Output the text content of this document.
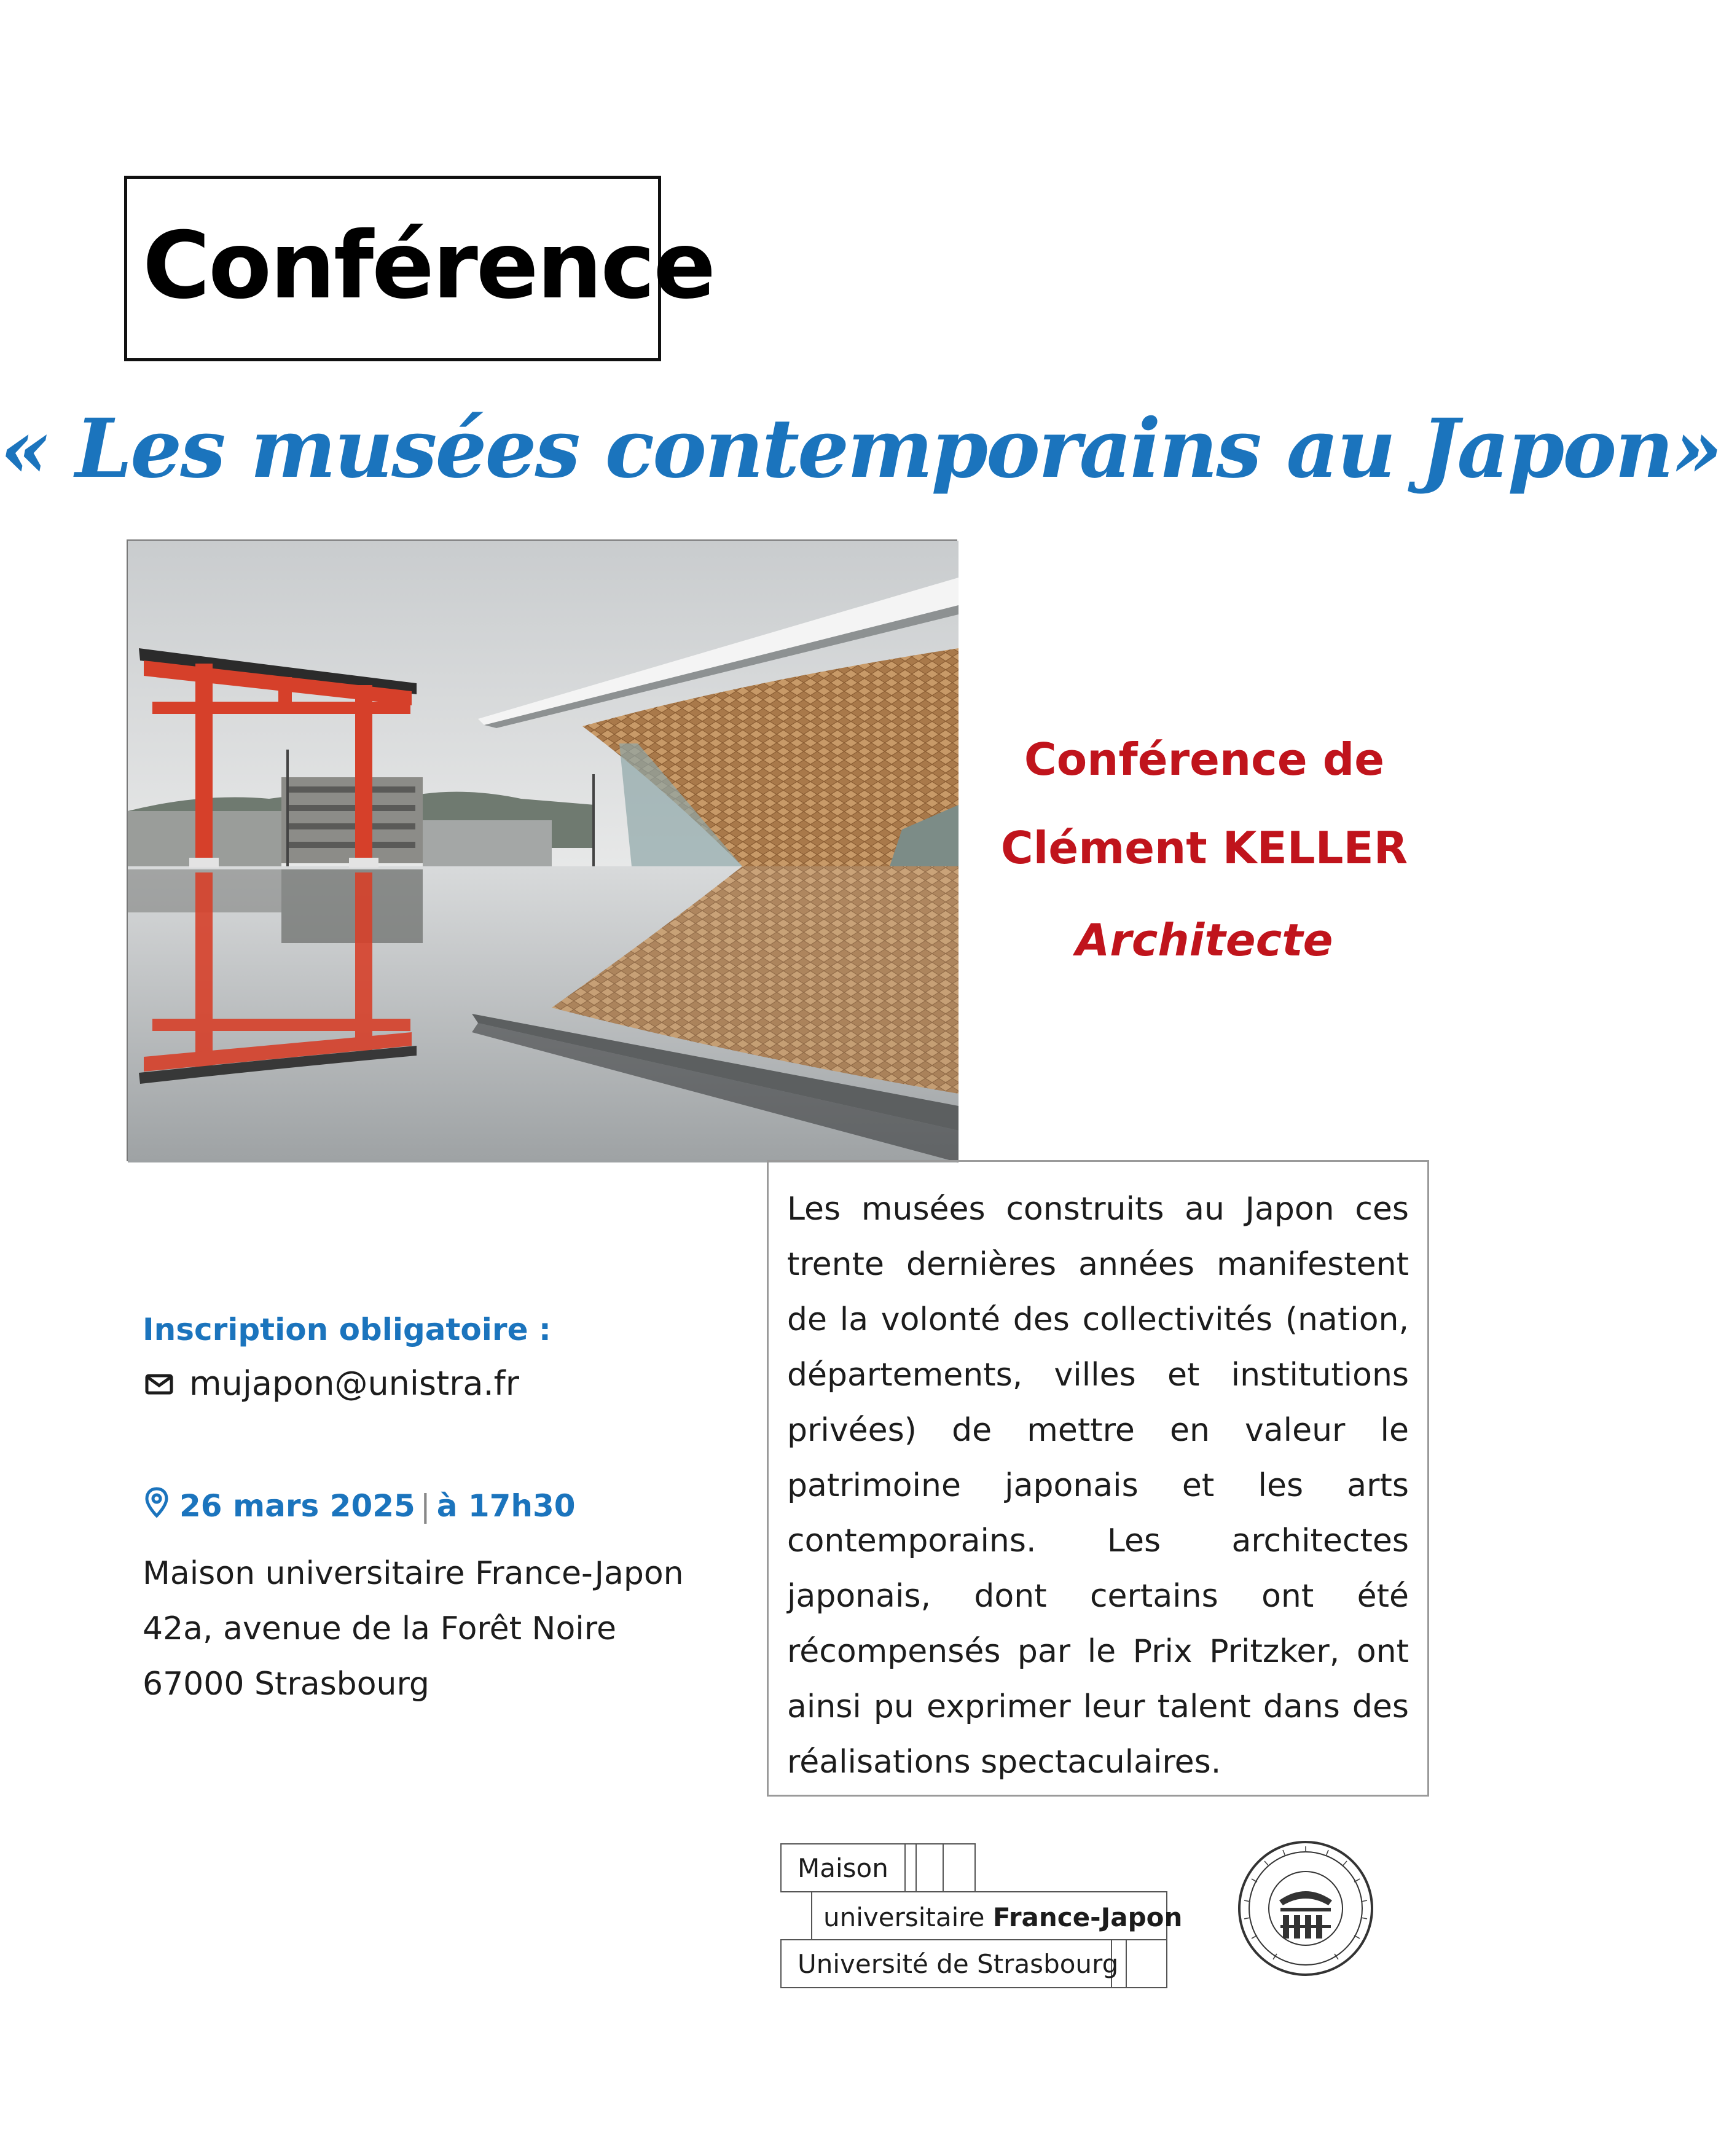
Conférence
« Les musées contemporains au Japon»
Conférence de
Clément KELLER
Architecte
Les musées construits au Japon ces trente dernières années manifestent de la volonté des collectivités (nation, départements, villes et institutions privées) de mettre en valeur le patrimoine japonais et les arts contemporains. Les architectes japonais, dont certains ont été récompensés par le Prix Pritzker, ont ainsi pu exprimer leur talent dans des réalisations spectaculaires.
Inscription obligatoire :
mujapon@unistra.fr
26 mars 2025 | à 17h30
Maison universitaire France-Japon
42a, avenue de la Forêt Noire
67000 Strasbourg
Maison
universitaire France-Japon
Université de Strasbourg
